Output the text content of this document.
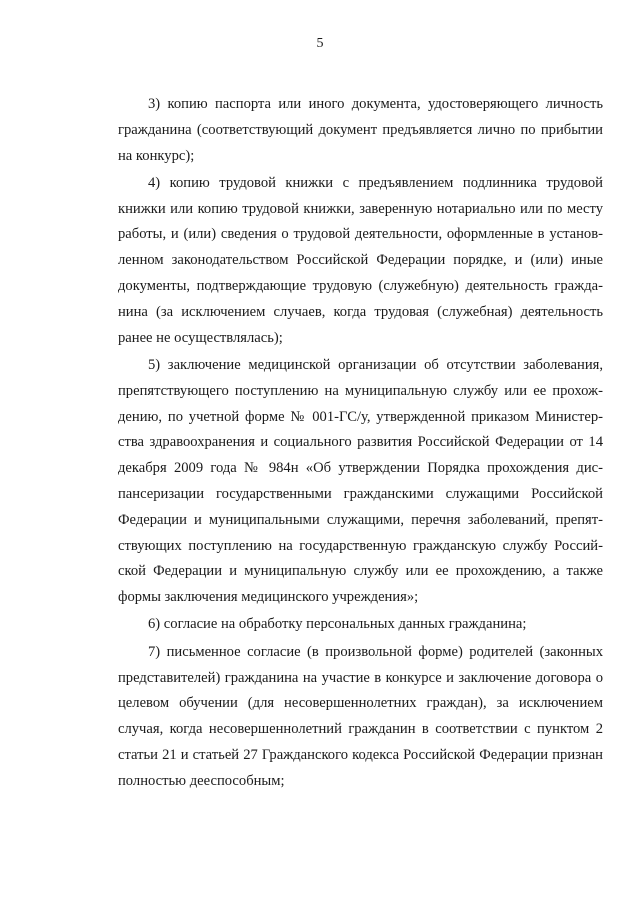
5

3) копию паспорта или иного документа, удостоверяющего личность гражданина (соответствующий документ предъявляется лично по прибытии на конкурс);

4) копию трудовой книжки с предъявлением подлинника трудовой книжки или копию трудовой книжки, заверенную нотариально или по месту работы, и (или) сведения о трудовой деятельности, оформленные в установленном законодательством Российской Федерации порядке, и (или) иные документы, подтверждающие трудовую (служебную) деятельность гражданина (за исключением случаев, когда трудовая (служебная) деятельность ранее не осуществлялась);

5) заключение медицинской организации об отсутствии заболевания, препятствующего поступлению на муниципальную службу или ее прохождению, по учетной форме № 001-ГС/у, утвержденной приказом Министерства здравоохранения и социального развития Российской Федерации от 14 декабря 2009 года № 984н «Об утверждении Порядка прохождения диспансеризации государственными гражданскими служащими Российской Федерации и муниципальными служащими, перечня заболеваний, препятствующих поступлению на государственную гражданскую службу Российской Федерации и муниципальную службу или ее прохождению, а также формы заключения медицинского учреждения»;

6) согласие на обработку персональных данных гражданина;

7) письменное согласие (в произвольной форме) родителей (законных представителей) гражданина на участие в конкурсе и заключение договора о целевом обучении (для несовершеннолетних граждан), за исключением случая, когда несовершеннолетний гражданин в соответствии с пунктом 2 статьи 21 и статьей 27 Гражданского кодекса Российской Федерации признан полностью дееспособным;
